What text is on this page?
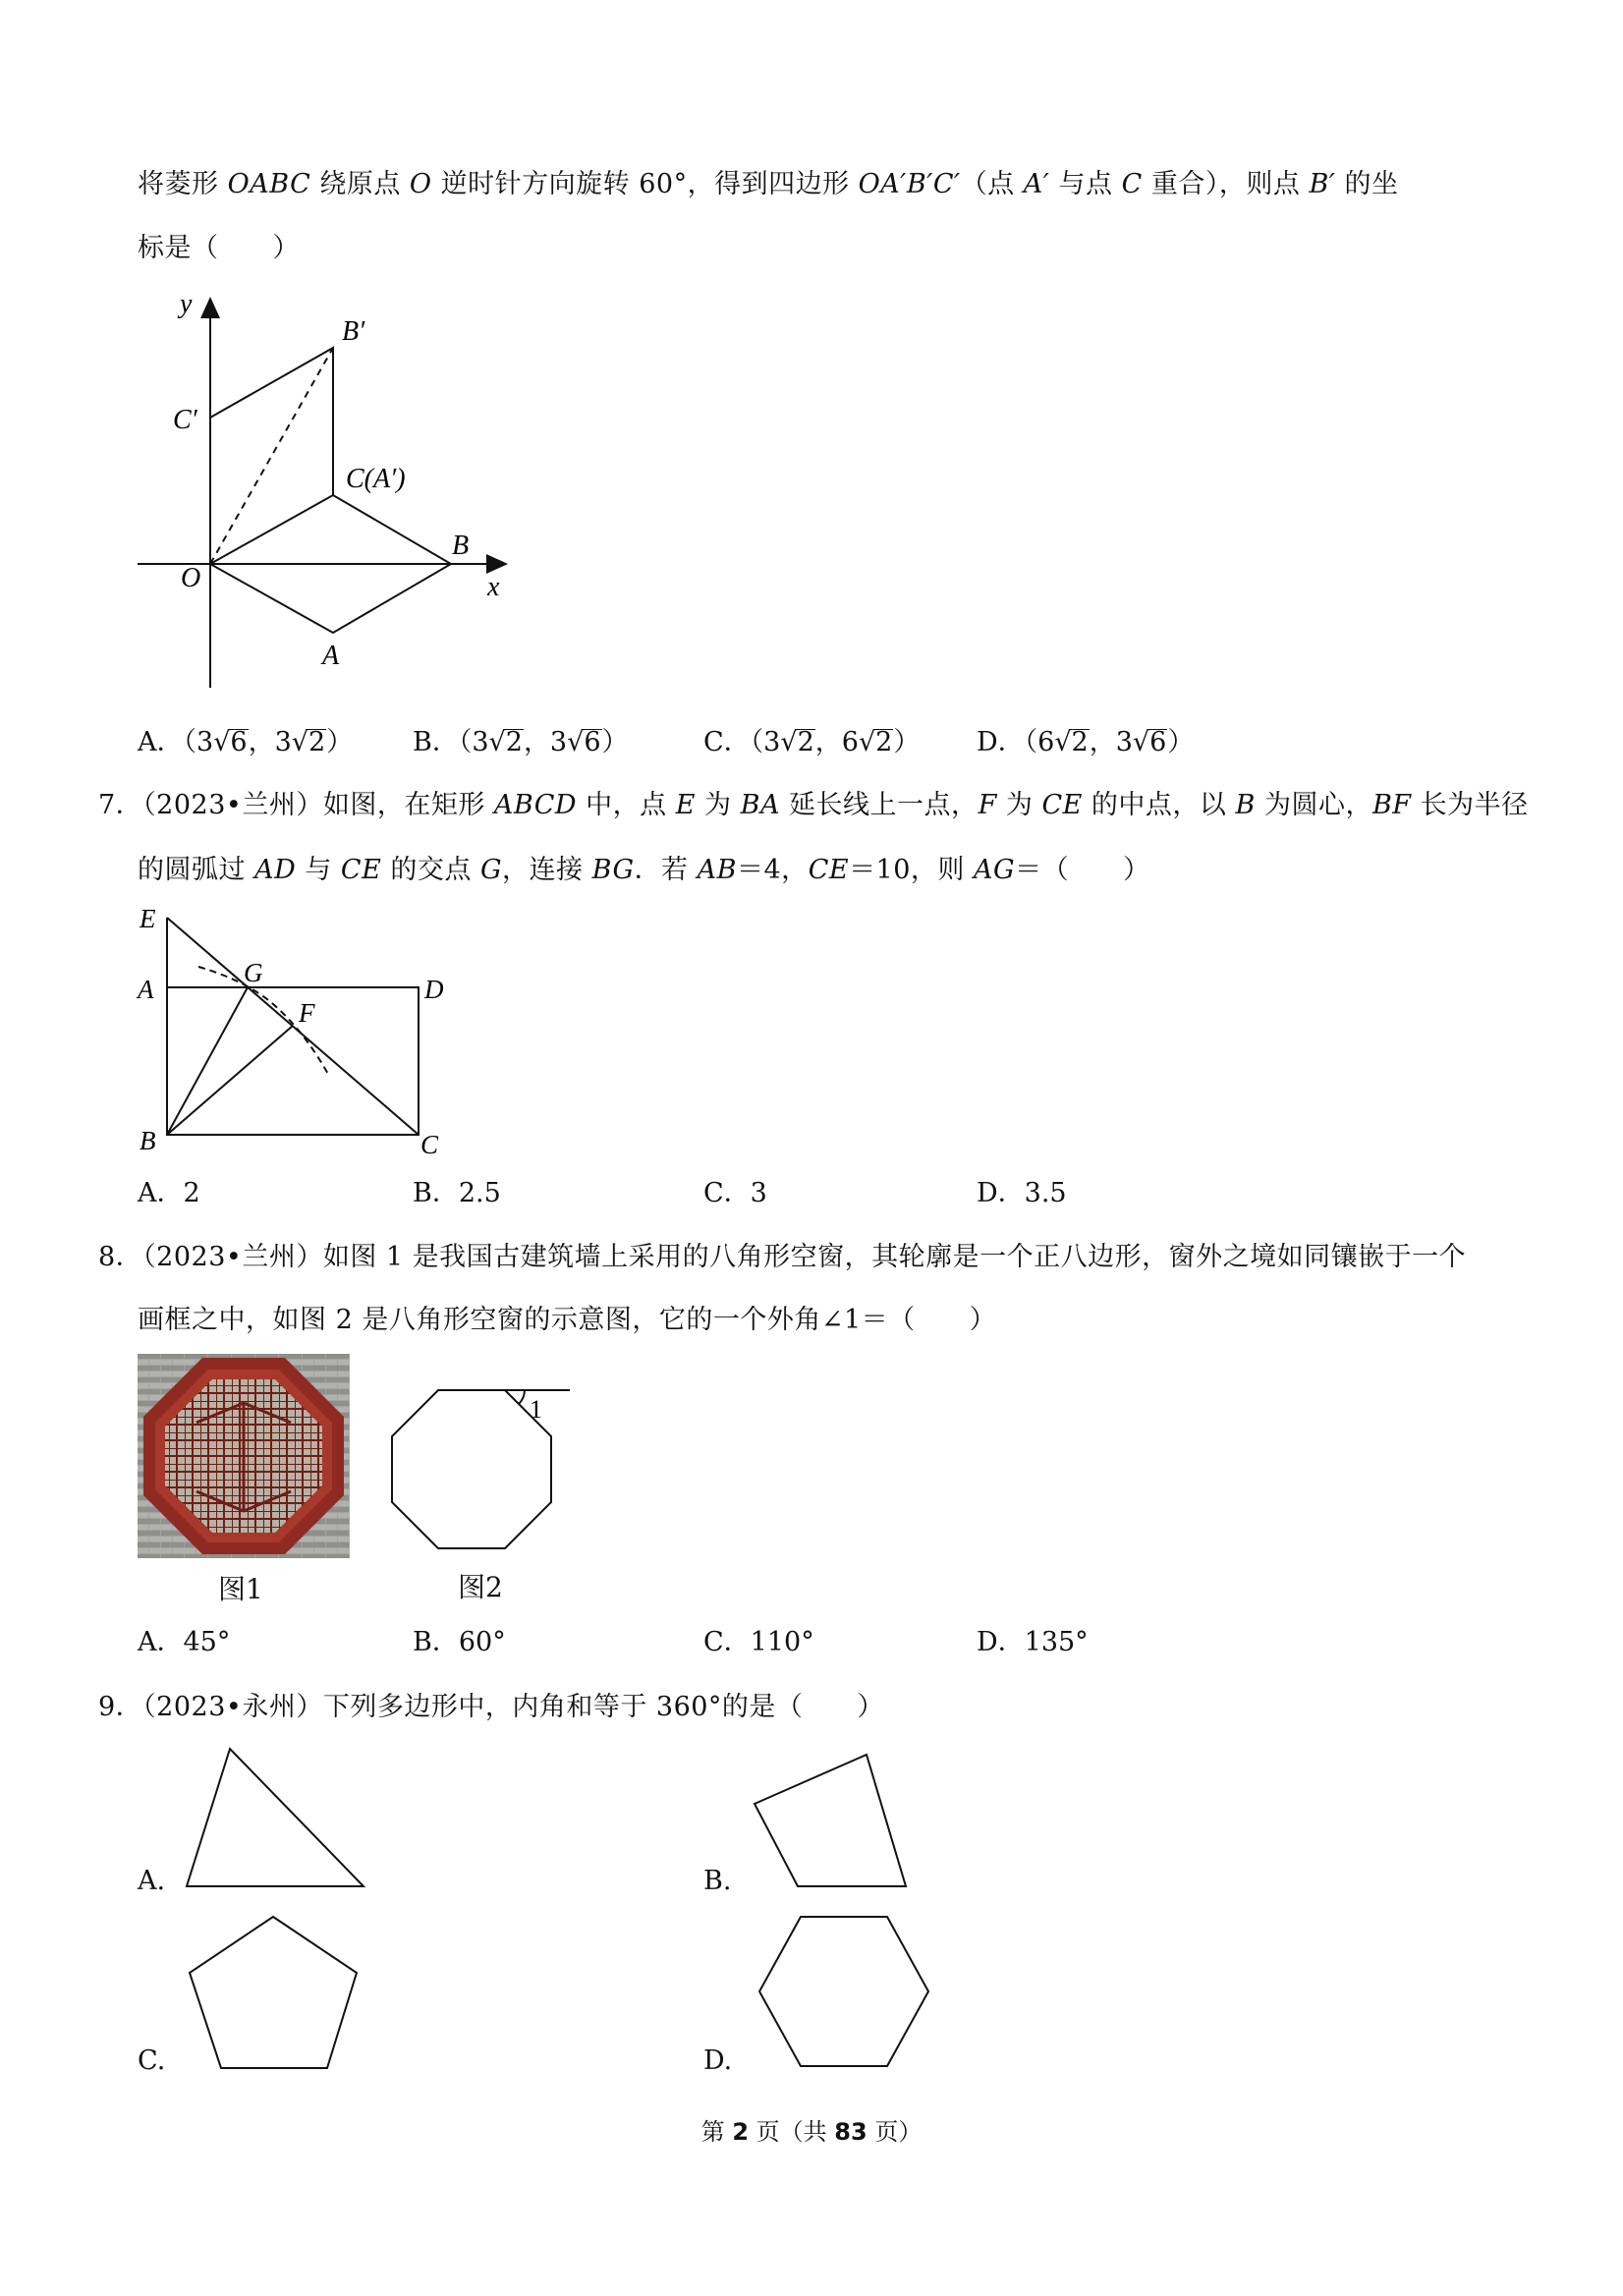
将菱形 OABC 绕原点 O 逆时针方向旋转 60°，得到四边形 OA′B′C′（点 A′ 与点 C 重合），则点 B′ 的坐
标是（　　）
y
x
O
A
B
C(A′)
B′
C′
A．（3√6，3√2） B．（3√2，3√6）	C．（3√2，6√2） D．（6√2，3√6）
7．（2023•兰州）如图，在矩形 ABCD 中，点 E 为 BA 延长线上一点，F 为 CE 的中点，以 B 为圆心，BF 长为半径
的圆弧过 AD 与 CE 的交点 G，连接 BG．若 AB＝4，CE＝10，则 AG＝（　　）
E
A
G
D
F
B	C
A．2	B．2.5	C．3	D．3.5
8．（2023•兰州）如图 1 是我国古建筑墙上采用的八角形空窗，其轮廓是一个正八边形，窗外之境如同镶嵌于一个
画框之中，如图 2 是八角形空窗的示意图，它的一个外角∠1＝（　　）
图1
1
图2
A．45°	B．60°	C．110°	D．135°
9．（2023•永州）下列多边形中，内角和等于 360°的是（　　）
A.	B.
C.	D.
第 2 页（共 83 页）
